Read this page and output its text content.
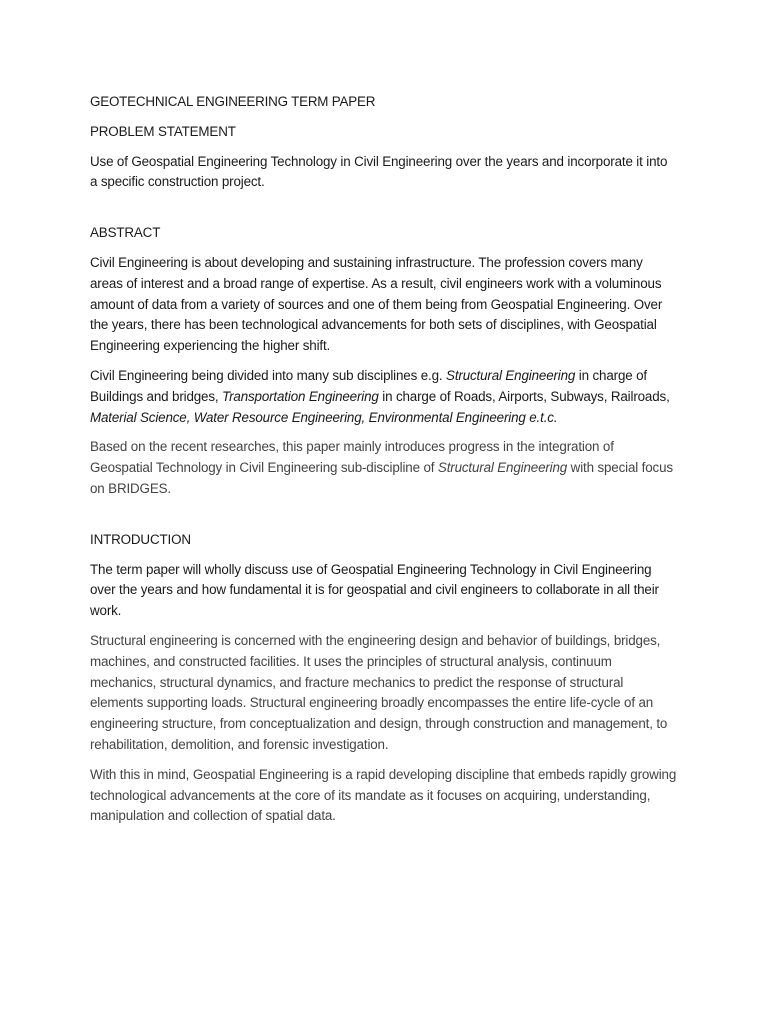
GEOTECHNICAL ENGINEERING TERM PAPER
PROBLEM STATEMENT

Use of Geospatial Engineering Technology in Civil Engineering over the years and incorporate it into a specific construction project.

ABSTRACT

Civil Engineering is about developing and sustaining infrastructure. The profession covers many areas of interest and a broad range of expertise. As a result, civil engineers work with a voluminous amount of data from a variety of sources and one of them being from Geospatial Engineering. Over the years, there has been technological advancements for both sets of disciplines, with Geospatial Engineering experiencing the higher shift.

Civil Engineering being divided into many sub disciplines e.g. Structural Engineering in charge of Buildings and bridges, Transportation Engineering in charge of Roads, Airports, Subways, Railroads, Material Science, Water Resource Engineering, Environmental Engineering e.t.c.

Based on the recent researches, this paper mainly introduces progress in the integration of Geospatial Technology in Civil Engineering sub-discipline of Structural Engineering with special focus on BRIDGES.

INTRODUCTION

The term paper will wholly discuss use of Geospatial Engineering Technology in Civil Engineering over the years and how fundamental it is for geospatial and civil engineers to collaborate in all their work.

Structural engineering is concerned with the engineering design and behavior of buildings, bridges, machines, and constructed facilities. It uses the principles of structural analysis, continuum mechanics, structural dynamics, and fracture mechanics to predict the response of structural elements supporting loads. Structural engineering broadly encompasses the entire life-cycle of an engineering structure, from conceptualization and design, through construction and management, to rehabilitation, demolition, and forensic investigation.

With this in mind, Geospatial Engineering is a rapid developing discipline that embeds rapidly growing technological advancements at the core of its mandate as it focuses on acquiring, understanding, manipulation and collection of spatial data.
